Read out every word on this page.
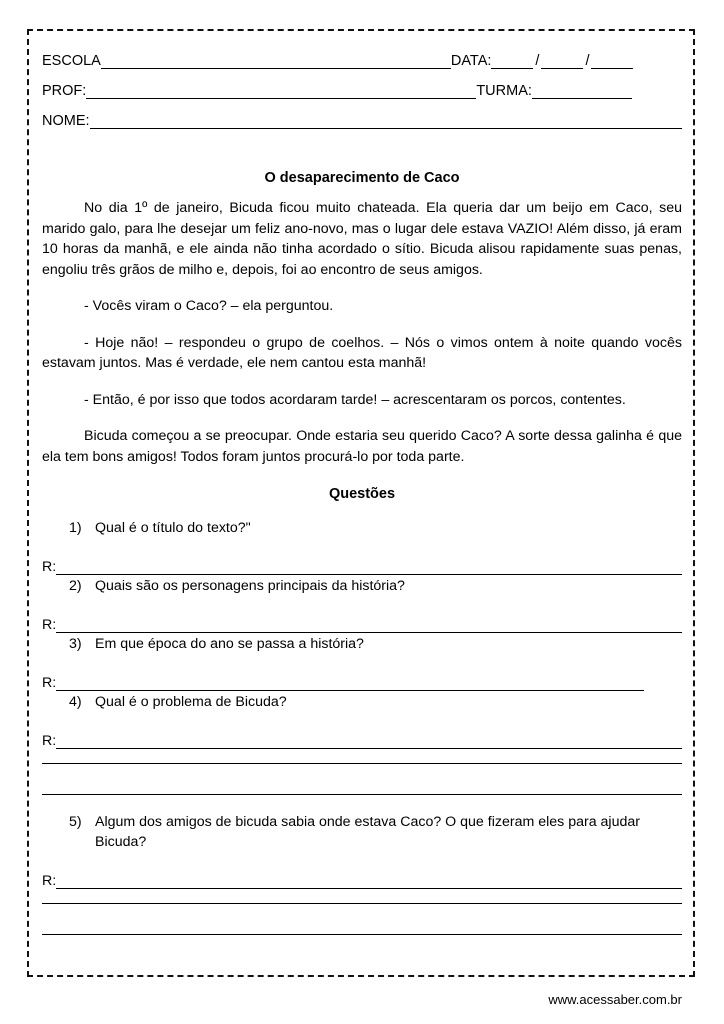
ESCOLA	DATA:	/	/
PROF:	TURMA:
NOME:
O desaparecimento de Caco

No dia 1º de janeiro, Bicuda ficou muito chateada. Ela queria dar um beijo em Caco, seu marido galo, para lhe desejar um feliz ano-novo, mas o lugar dele estava VAZIO! Além disso, já eram 10 horas da manhã, e ele ainda não tinha acordado o sítio. Bicuda alisou rapidamente suas penas, engoliu três grãos de milho e, depois, foi ao encontro de seus amigos.

- Vocês viram o Caco? – ela perguntou.

- Hoje não! – respondeu o grupo de coelhos. – Nós o vimos ontem à noite quando vocês estavam juntos. Mas é verdade, ele nem cantou esta manhã!

- Então, é por isso que todos acordaram tarde! – acrescentaram os porcos, contentes.

Bicuda começou a se preocupar. Onde estaria seu querido Caco? A sorte dessa galinha é que ela tem bons amigos! Todos foram juntos procurá-lo por toda parte.

Questões
1) Qual é o título do texto?"
R:
2) Quais são os personagens principais da história?
R:
3) Em que época do ano se passa a história?
R:
4) Qual é o problema de Bicuda?
R:
5) Algum dos amigos de bicuda sabia onde estava Caco? O que fizeram eles para ajudar Bicuda?
R:
www.acessaber.com.br
